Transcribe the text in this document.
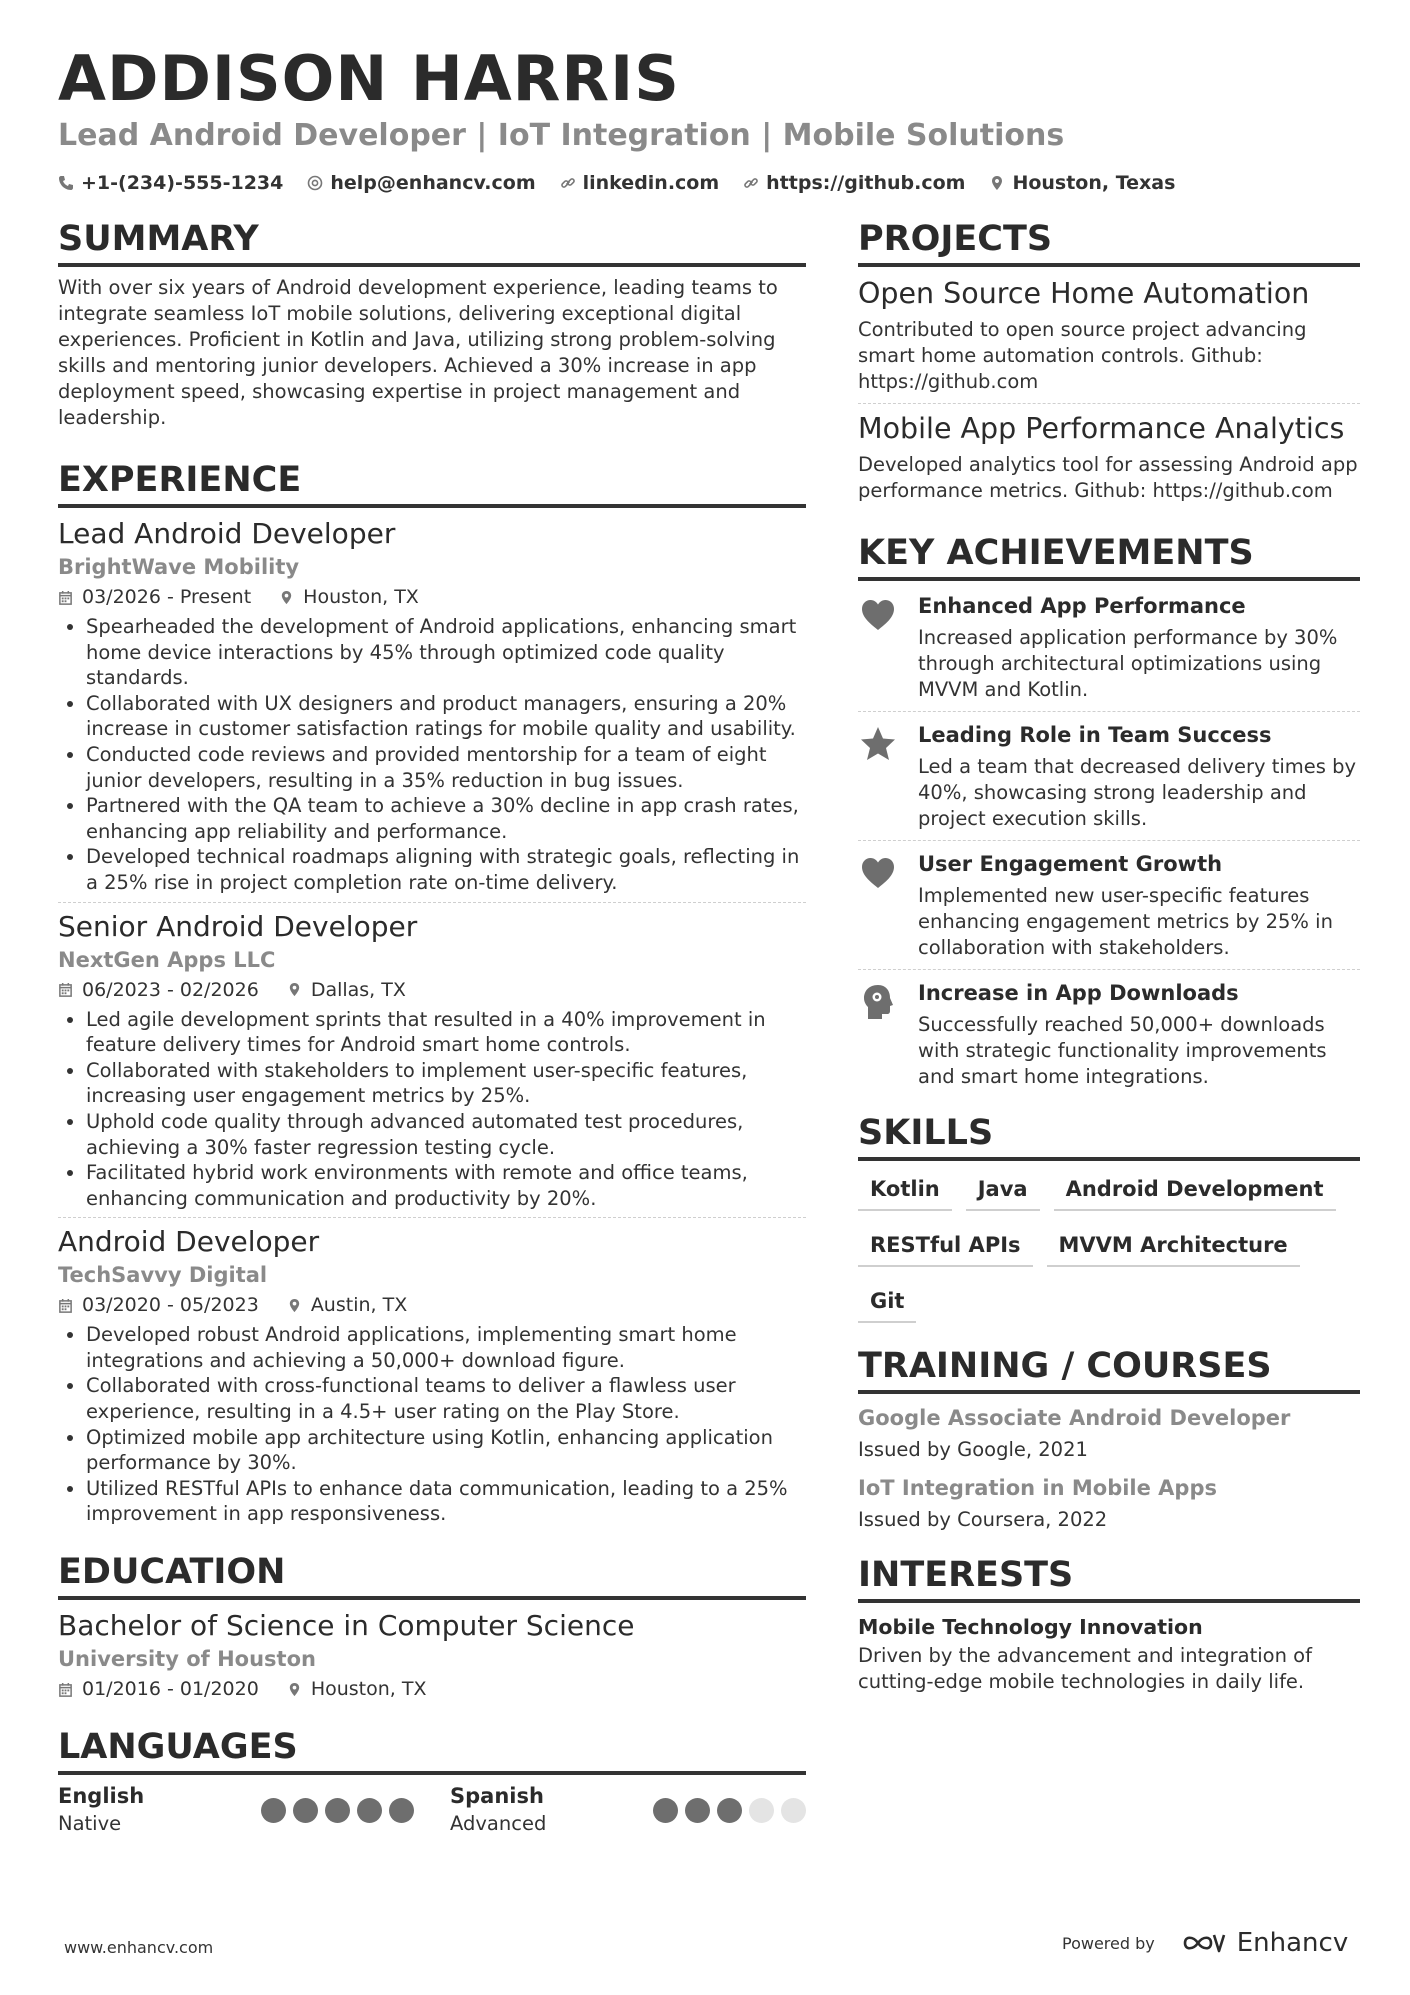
ADDISON HARRIS
Lead Android Developer | IoT Integration | Mobile Solutions
+1-(234)-555-1234 help@enhancv.com linkedin.com https://github.com Houston, Texas
SUMMARY

With over six years of Android development experience, leading teams to integrate seamless IoT mobile solutions, delivering exceptional digital experiences. Proficient in Kotlin and Java, utilizing strong problem-solving skills and mentoring junior developers. Achieved a 30% increase in app deployment speed, showcasing expertise in project management and leadership.

EXPERIENCE
Lead Android Developer
BrightWave Mobility
03/2026 - Present	Houston, TX
• Spearheaded the development of Android applications, enhancing smart home device interactions by 45% through optimized code quality standards.
• Collaborated with UX designers and product managers, ensuring a 20% increase in customer satisfaction ratings for mobile quality and usability.
• Conducted code reviews and provided mentorship for a team of eight junior developers, resulting in a 35% reduction in bug issues.
• Partnered with the QA team to achieve a 30% decline in app crash rates, enhancing app reliability and performance.
• Developed technical roadmaps aligning with strategic goals, reflecting in a 25% rise in project completion rate on-time delivery.
Senior Android Developer
NextGen Apps LLC
06/2023 - 02/2026	Dallas, TX
• Led agile development sprints that resulted in a 40% improvement in feature delivery times for Android smart home controls.
• Collaborated with stakeholders to implement user-specific features, increasing user engagement metrics by 25%.
• Uphold code quality through advanced automated test procedures, achieving a 30% faster regression testing cycle.
• Facilitated hybrid work environments with remote and office teams, enhancing communication and productivity by 20%.
Android Developer
TechSavvy Digital
03/2020 - 05/2023	Austin, TX
• Developed robust Android applications, implementing smart home integrations and achieving a 50,000+ download figure.
• Collaborated with cross-functional teams to deliver a flawless user experience, resulting in a 4.5+ user rating on the Play Store.
• Optimized mobile app architecture using Kotlin, enhancing application performance by 30%.
• Utilized RESTful APIs to enhance data communication, leading to a 25% improvement in app responsiveness.
EDUCATION
Bachelor of Science in Computer Science
University of Houston
01/2016 - 01/2020	Houston, TX
LANGUAGES
English
Native
Spanish
Advanced
PROJECTS
Open Source Home Automation

Contributed to open source project advancing smart home automation controls. Github: https://github.com

Mobile App Performance Analytics

Developed analytics tool for assessing Android app performance metrics. Github: https://github.com

KEY ACHIEVEMENTS
Enhanced App Performance

Increased application performance by 30% through architectural optimizations using MVVM and Kotlin.

Leading Role in Team Success

Led a team that decreased delivery times by 40%, showcasing strong leadership and project execution skills.

User Engagement Growth

Implemented new user-specific features enhancing engagement metrics by 25% in collaboration with stakeholders.

Increase in App Downloads

Successfully reached 50,000+ downloads with strategic functionality improvements and smart home integrations.

SKILLS
Kotlin	Java	Android Development
RESTful APIs	MVVM Architecture
Git
TRAINING / COURSES
Google Associate Android Developer
Issued by Google, 2021
IoT Integration in Mobile Apps
Issued by Coursera, 2022
INTERESTS
Mobile Technology Innovation

Driven by the advancement and integration of cutting-edge mobile technologies in daily life.

www.enhancv.com	Powered by	Enhancv
